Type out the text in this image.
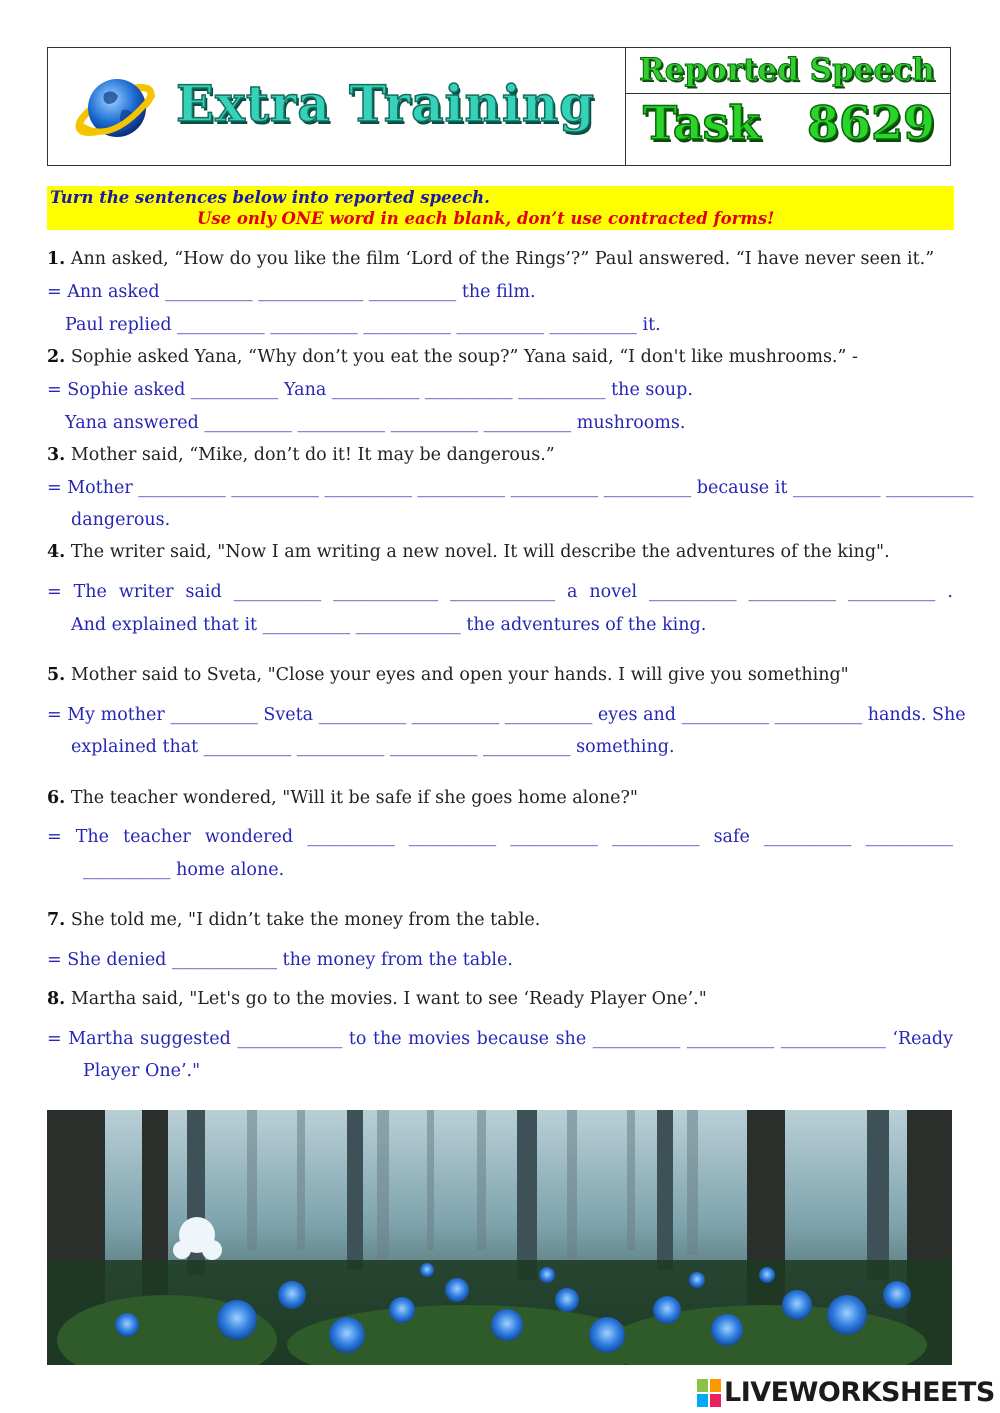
Extra Training

Reported Speech

Task 8629

Turn the sentences below into reported speech.
Use only ONE word in each blank, don’t use contracted forms!

1. Ann asked, “How do you like the film ‘Lord of the Rings’?” Paul answered. “I have never seen it.”

= Ann asked __________ ____________ __________ the film.

Paul replied __________ __________ __________ __________ __________ it.

2. Sophie asked Yana, “Why don’t you eat the soup?” Yana said, “I don't like mushrooms.” -

= Sophie asked __________ Yana __________ __________ __________ the soup.

Yana answered __________ __________ __________ __________ mushrooms.

3. Mother said, “Mike, don’t do it! It may be dangerous.”

= Mother __________ __________ __________ __________ __________ __________ because it __________ __________

dangerous.

4. The writer said, "Now I am writing a new novel. It will describe the adventures of the king".

= The writer said __________ ____________ ____________ a novel __________ __________ __________ .

And explained that it __________ ____________ the adventures of the king.

5. Mother said to Sveta, "Close your eyes and open your hands. I will give you something"

= My mother __________ Sveta __________ __________ __________ eyes and __________ __________ hands. She

explained that __________ __________ __________ __________ something.

6. The teacher wondered, "Will it be safe if she goes home alone?"

= The teacher wondered __________ __________ __________ __________ safe __________ __________

__________ home alone.

7. She told me, "I didn’t take the money from the table.

= She denied ____________ the money from the table.

8. Martha said, "Let's go to the movies. I want to see ‘Ready Player One’."

= Martha suggested ____________ to the movies because she __________ __________ ____________ ‘Ready

Player One’."

LIVEWORKSHEETS
